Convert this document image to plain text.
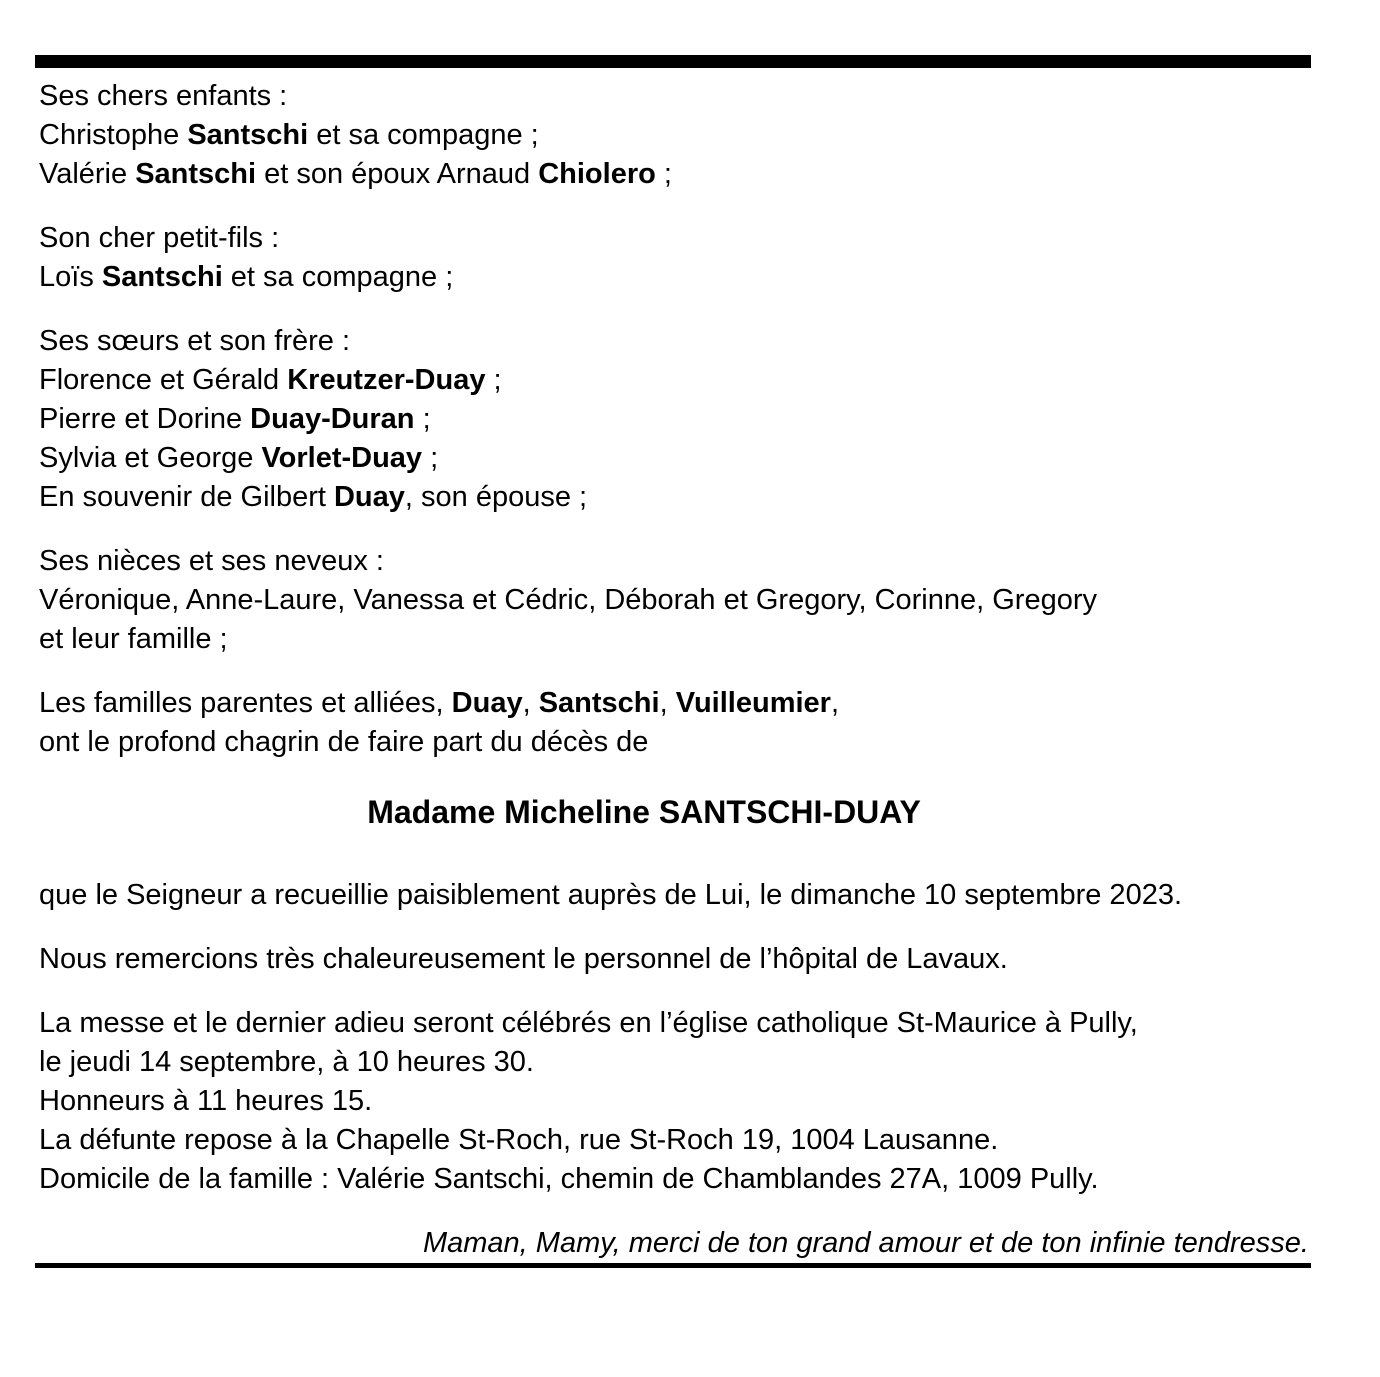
Ses chers enfants :
Christophe Santschi et sa compagne ;
Valérie Santschi et son époux Arnaud Chiolero ;
Son cher petit-fils :
Loïs Santschi et sa compagne ;
Ses sœurs et son frère :
Florence et Gérald Kreutzer-Duay ;
Pierre et Dorine Duay-Duran ;
Sylvia et George Vorlet-Duay ;
En souvenir de Gilbert Duay, son épouse ;
Ses nièces et ses neveux :
Véronique, Anne-Laure, Vanessa et Cédric, Déborah et Gregory, Corinne, Gregory
et leur famille ;
Les familles parentes et alliées, Duay, Santschi, Vuilleumier,
ont le profond chagrin de faire part du décès de
Madame Micheline SANTSCHI-DUAY
que le Seigneur a recueillie paisiblement auprès de Lui, le dimanche 10 septembre 2023.
Nous remercions très chaleureusement le personnel de l’hôpital de Lavaux.
La messe et le dernier adieu seront célébrés en l’église catholique St-Maurice à Pully,
le jeudi 14 septembre, à 10 heures 30.
Honneurs à 11 heures 15.
La défunte repose à la Chapelle St-Roch, rue St-Roch 19, 1004 Lausanne.
Domicile de la famille : Valérie Santschi, chemin de Chamblandes 27A, 1009 Pully.
Maman, Mamy, merci de ton grand amour et de ton infinie tendresse.
